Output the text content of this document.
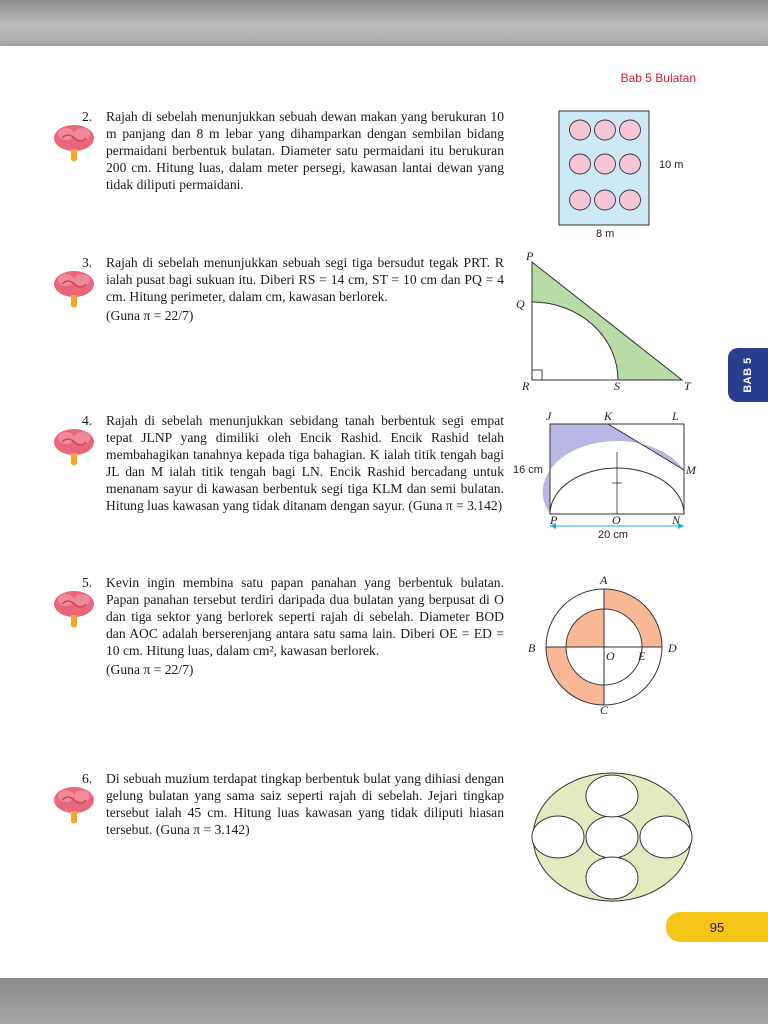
Bab 5 Bulatan
BAB 5
95
2. Rajah di sebelah menunjukkan sebuah dewan makan yang berukuran 10 m panjang dan 8 m lebar yang dihamparkan dengan sembilan bidang permaidani berbentuk bulatan. Diameter satu permaidani itu berukuran 200 cm. Hitung luas, dalam meter persegi, kawasan lantai dewan yang tidak diliputi permaidani.

10 m
8 m
3. Rajah di sebelah menunjukkan sebuah segi tiga bersudut tegak PRT. R ialah pusat bagi sukuan itu. Diberi RS = 14 cm, ST = 10 cm dan PQ = 4 cm. Hitung perimeter, dalam cm, kawasan berlorek.

(Guna π = 22/7)

P
Q
R	S	T
4. Rajah di sebelah menunjukkan sebidang tanah berbentuk segi empat tepat JLNP yang dimiliki oleh Encik Rashid. Encik Rashid telah membahagikan tanahnya kepada tiga bahagian. K ialah titik tengah bagi JL dan M ialah titik tengah bagi LN. Encik Rashid bercadang untuk menanam sayur di kawasan berbentuk segi tiga KLM dan semi bulatan. Hitung luas kawasan yang tidak ditanam dengan sayur. (Guna π = 3.142)

J	K	L
M
N
O
P
16 cm
20 cm
5. Kevin ingin membina satu papan panahan yang berbentuk bulatan. Papan panahan tersebut terdiri daripada dua bulatan yang berpusat di O dan tiga sektor yang berlorek seperti rajah di sebelah. Diameter BOD dan AOC adalah berserenjang antara satu sama lain. Diberi OE = ED = 10 cm. Hitung luas, dalam cm², kawasan berlorek.

(Guna π = 22/7)

A
B
C
D
E
O
6. Di sebuah muzium terdapat tingkap berbentuk bulat yang dihiasi dengan gelung bulatan yang sama saiz seperti rajah di sebelah. Jejari tingkap tersebut ialah 45 cm. Hitung luas kawasan yang tidak diliputi hiasan tersebut. (Guna π = 3.142)
